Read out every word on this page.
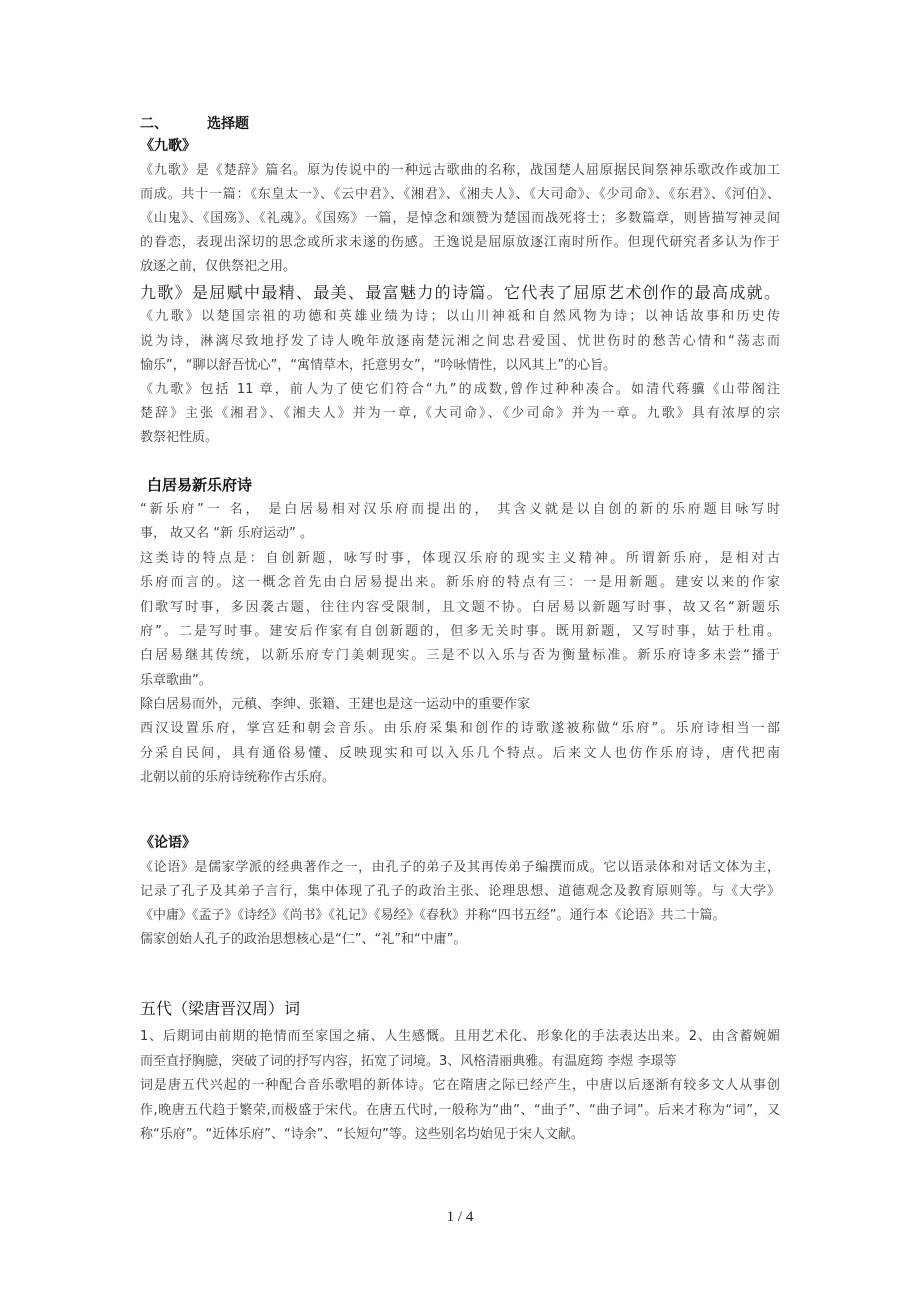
二、        选择题
《九歌》
《九歌》是《楚辞》篇名。原为传说中的一种远古歌曲的名称，战国楚人屈原据民间祭神乐歌改作或加工
而成。共十一篇：《东皇太一》、《云中君》、《湘君》、《湘夫人》、《大司命》、《少司命》、《东君》、《河伯》、
《山鬼》、《国殇》、《礼魂》。《国殇》一篇，是悼念和颂赞为楚国而战死将士；多数篇章，则皆描写神灵间
的眷恋，表现出深切的思念或所求未遂的伤感。王逸说是屈原放逐江南时所作。但现代研究者多认为作于
放逐之前，仅供祭祀之用。
九歌》是屈赋中最精、最美、最富魅力的诗篇。它代表了屈原艺术创作的最高成就。
《九歌》以楚国宗祖的功德和英雄业绩为诗；以山川神祗和自然风物为诗；以神话故事和历史传
说为诗，淋漓尽致地抒发了诗人晚年放逐南楚沅湘之间忠君爱国、忧世伤时的愁苦心情和“荡志而
愉乐”，“聊以舒吾忧心”，“寓情草木，托意男女”，“吟咏情性，以风其上”的心旨。
《九歌》包括 11 章，前人为了使它们符合“九”的成数,曾作过种种凑合。如清代蒋骥《山带阁注
楚辞》主张《湘君》、《湘夫人》并为一章,《大司命》、《少司命》并为一章。九歌》具有浓厚的宗
教祭祀性质。
白居易新乐府诗
“新乐府”一 名， 是白居易相对汉乐府而提出的， 其含义就是以自创的新的乐府题目咏写时
事， 故又名 “新 乐府运动” 。
这类诗的特点是：自创新题，咏写时事，体现汉乐府的现实主义精神。所谓新乐府，是相对古
乐府而言的。这一概念首先由白居易提出来。新乐府的特点有三：一是用新题。建安以来的作家
们歌写时事，多因袭古题，往往内容受限制，且文题不协。白居易以新题写时事，故又名“新题乐
府”。二是写时事。建安后作家有自创新题的，但多无关时事。既用新题，又写时事，姑于杜甫。
白居易继其传统，以新乐府专门美刺现实。三是不以入乐与否为衡量标准。新乐府诗多未尝“播于
乐章歌曲”。
除白居易而外，元稹、李绅、张籍、王建也是这一运动中的重要作家
西汉设置乐府，掌宫廷和朝会音乐。由乐府采集和创作的诗歌遂被称做“乐府”。乐府诗相当一部
分采自民间，具有通俗易懂、反映现实和可以入乐几个特点。后来文人也仿作乐府诗，唐代把南
北朝以前的乐府诗统称作古乐府。
《论语》
《论语》是儒家学派的经典著作之一，由孔子的弟子及其再传弟子编撰而成。它以语录体和对话文体为主，
记录了孔子及其弟子言行，集中体现了孔子的政治主张、论理思想、道德观念及教育原则等。与《大学》
《中庸》《孟子》《诗经》《尚书》《礼记》《易经》《春秋》并称“四书五经”。通行本《论语》共二十篇。
儒家创始人孔子的政治思想核心是“仁”、“礼”和“中庸”。
五代（梁唐晋汉周）词
1、后期词由前期的艳情而至家国之痛、人生感慨。且用艺术化、形象化的手法表达出来。2、由含蓄婉媚
而至直抒胸臆，突破了词的抒写内容，拓宽了词境。3、风格清丽典雅。有温庭筠 李煜 李璟等
词是唐五代兴起的一种配合音乐歌唱的新体诗。它在隋唐之际已经产生，中唐以后逐渐有较多文人从事创
作,晚唐五代趋于繁荣,而极盛于宋代。在唐五代时,一般称为“曲”、“曲子”、“曲子词”。后来才称为“词”，又
称“乐府”。“近体乐府”、“诗余”、“长短句”等。这些别名均始见于宋人文献。
1 / 4
